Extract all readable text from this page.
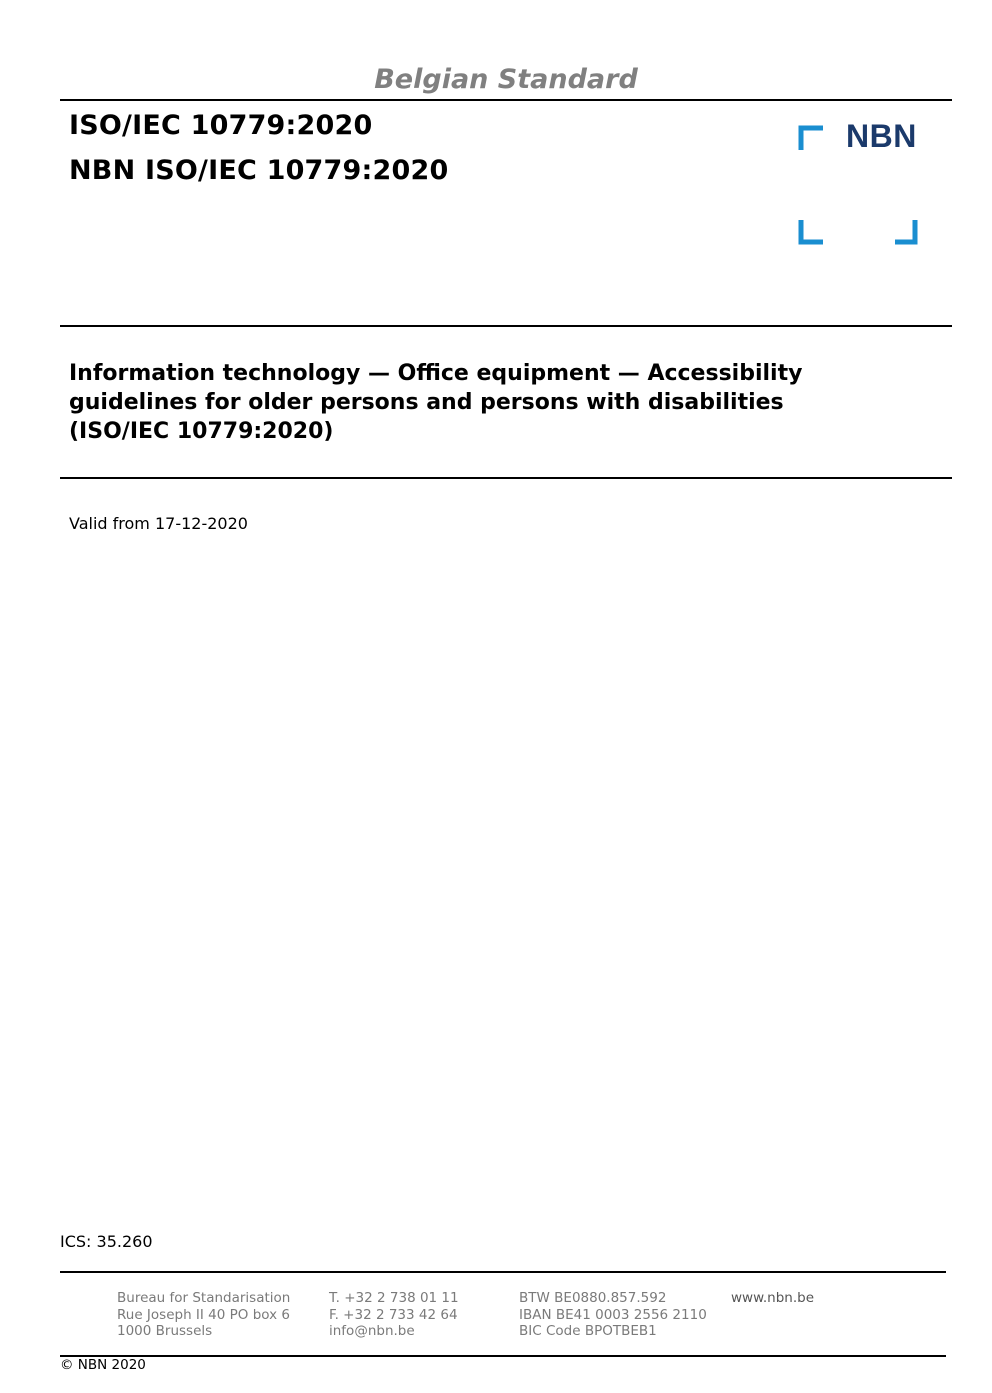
Belgian Standard
ISO/IEC 10779:2020
NBN ISO/IEC 10779:2020
NBN
Information technology — Office equipment — Accessibility
guidelines for older persons and persons with disabilities
(ISO/IEC 10779:2020)
Valid from 17-12-2020
ICS: 35.260
Bureau for Standarisation
Rue Joseph II 40 PO box 6
1000 Brussels
T. +32 2 738 01 11
F. +32 2 733 42 64
info@nbn.be
BTW BE0880.857.592
IBAN BE41 0003 2556 2110
BIC Code BPOTBEB1
www.nbn.be
© NBN 2020
